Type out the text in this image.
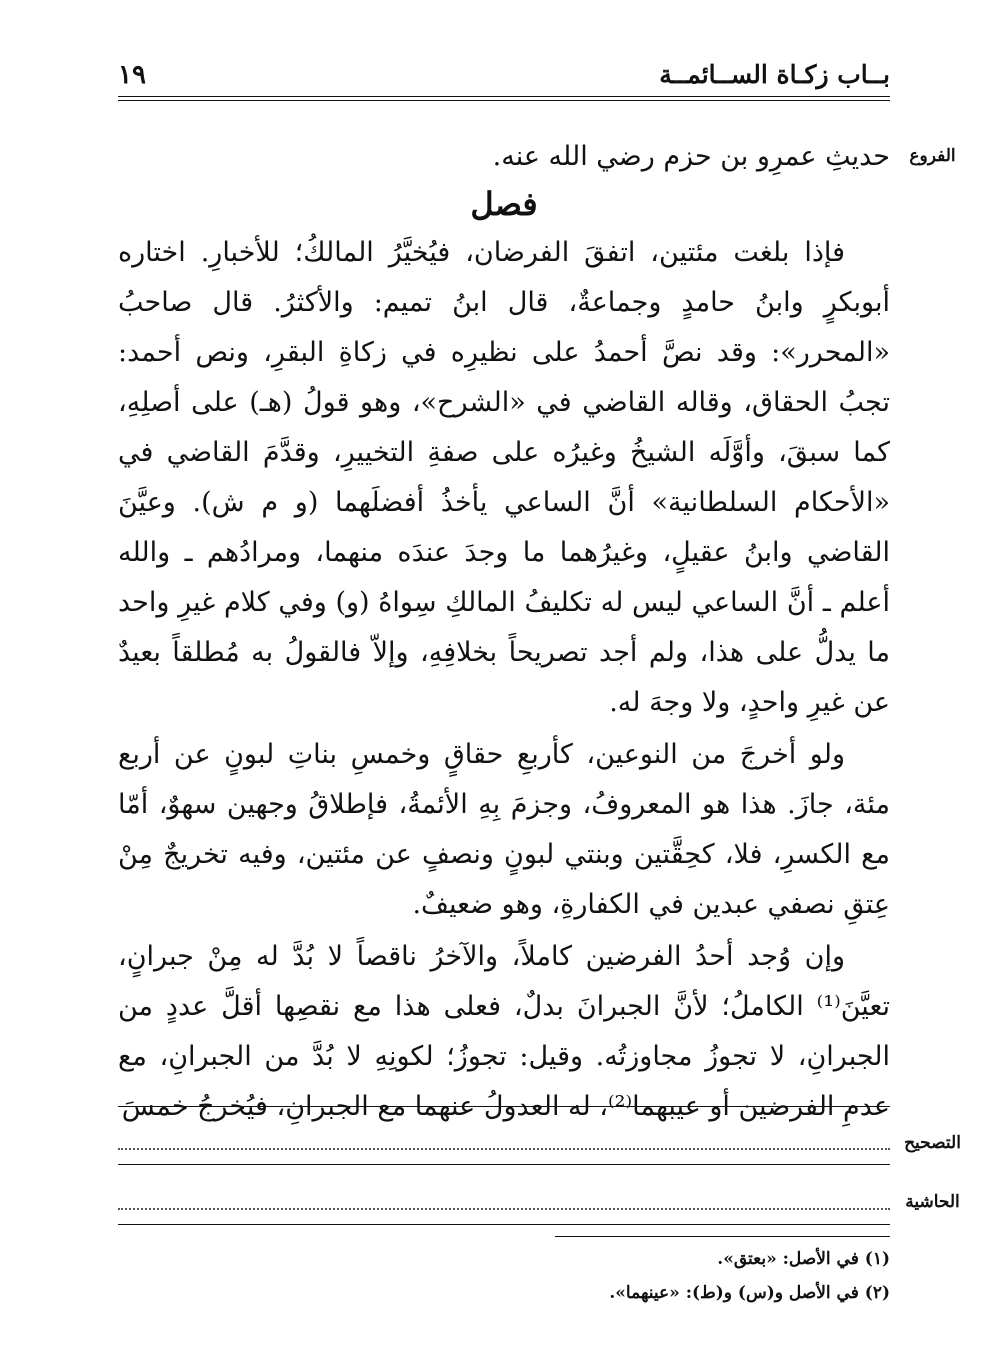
بــاب زكـاة الســائمــة
١٩
الفروع

حديثِ عمرِو بن حزم رضي الله عنه.

فصل

فإذا بلغت مئتين، اتفقَ الفرضان، فيُخيَّرُ المالكُ؛ للأخبارِ. اختاره أبوبكرٍ وابنُ حامدٍ وجماعةٌ، قال ابنُ تميم: والأكثرُ. قال صاحبُ «المحرر»: وقد نصَّ أحمدُ على نظيرِه في زكاةِ البقرِ، ونص أحمد: تجبُ الحقاق، وقاله القاضي في «الشرح»، وهو قولُ (هـ) على أصلِهِ، كما سبقَ، وأوَّلَه الشيخُ وغيرُه على صفةِ التخييرِ، وقدَّمَ القاضي في «الأحكام السلطانية» أنَّ الساعي يأخذُ أفضلَهما (و م ش). وعيَّنَ القاضي وابنُ عقيلٍ، وغيرُهما ما وجدَ عندَه منهما، ومرادُهم ـ والله أعلم ـ أنَّ الساعي ليس له تكليفُ المالكِ سِواهُ (و) وفي كلام غيرِ واحد ما يدلُّ على هذا، ولم أجد تصريحاً بخلافِهِ، وإلاّ فالقولُ به مُطلقاً بعيدٌ عن غيرِ واحدٍ، ولا وجهَ له.

ولو أخرجَ من النوعين، كأربعِ حقاقٍ وخمسِ بناتِ لبونٍ عن أربع مئة، جازَ. هذا هو المعروفُ، وجزمَ بِهِ الأئمةُ، فإطلاقُ وجهين سهوٌ، أمّا مع الكسرِ، فلا، كحِقَّتين وبنتي لبونٍ ونصفٍ عن مئتين، وفيه تخريجٌ مِنْ عِتقِ نصفي عبدين في الكفارةِ، وهو ضعيفٌ.

وإن وُجد أحدُ الفرضين كاملاً، والآخرُ ناقصاً لا بُدَّ له مِنْ جبرانٍ، تعيَّنَ⁽¹⁾ الكاملُ؛ لأنَّ الجبرانَ بدلٌ، فعلى هذا مع نقصِها أقلَّ عددٍ من الجبرانِ، لا تجوزُ مجاوزتُه. وقيل: تجوزُ؛ لكونِهِ لا بُدَّ من الجبرانِ، مع عدمِ الفرضين أو عيبهما⁽²⁾، له العدولُ عنهما مع الجبرانِ، فيُخرجُ خمسَ

التصحيح
الحاشية

(١) في الأصل: «بعتق».

(٢) في الأصل و(س) و(ط): «عينهما».
